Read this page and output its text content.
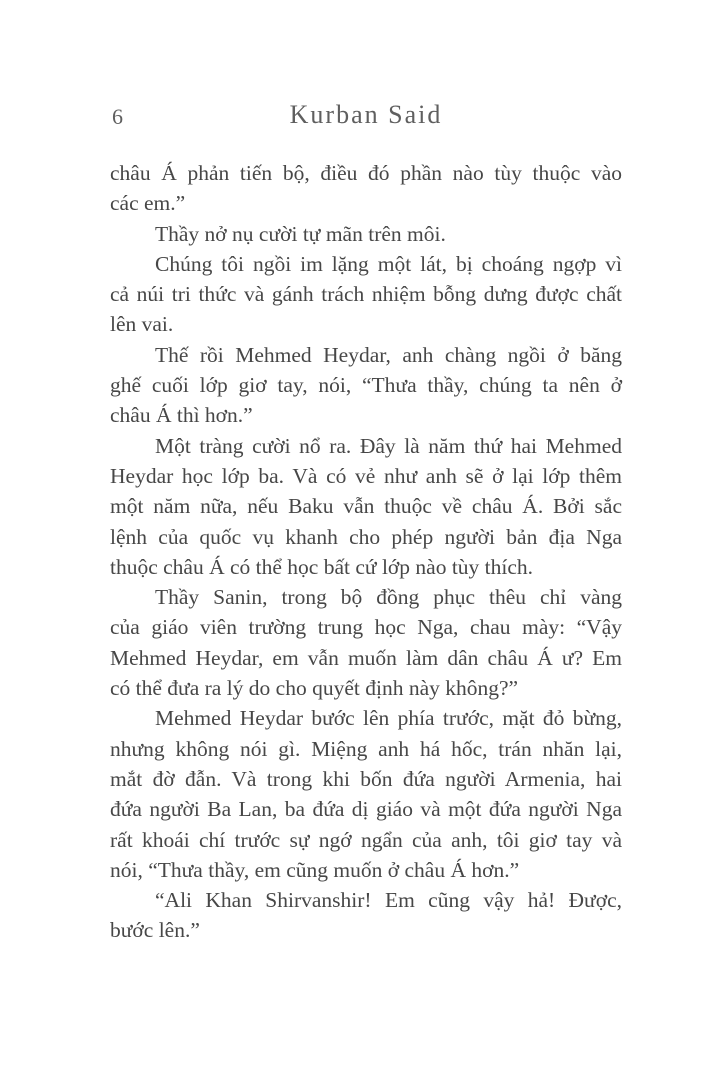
6	Kurban Said
châu Á phản tiến bộ, điều đó phần nào tùy thuộc vào
các em.”
Thầy nở nụ cười tự mãn trên môi.
Chúng tôi ngồi im lặng một lát, bị choáng ngợp vì
cả núi tri thức và gánh trách nhiệm bỗng dưng được chất
lên vai.
Thế rồi Mehmed Heydar, anh chàng ngồi ở băng
ghế cuối lớp giơ tay, nói, “Thưa thầy, chúng ta nên ở
châu Á thì hơn.”
Một tràng cười nổ ra. Đây là năm thứ hai Mehmed
Heydar học lớp ba. Và có vẻ như anh sẽ ở lại lớp thêm
một năm nữa, nếu Baku vẫn thuộc về châu Á. Bởi sắc
lệnh của quốc vụ khanh cho phép người bản địa Nga
thuộc châu Á có thể học bất cứ lớp nào tùy thích.
Thầy Sanin, trong bộ đồng phục thêu chỉ vàng
của giáo viên trường trung học Nga, chau mày: “Vậy
Mehmed Heydar, em vẫn muốn làm dân châu Á ư? Em
có thể đưa ra lý do cho quyết định này không?”
Mehmed Heydar bước lên phía trước, mặt đỏ bừng,
nhưng không nói gì. Miệng anh há hốc, trán nhăn lại,
mắt đờ đẫn. Và trong khi bốn đứa người Armenia, hai
đứa người Ba Lan, ba đứa dị giáo và một đứa người Nga
rất khoái chí trước sự ngớ ngẩn của anh, tôi giơ tay và
nói, “Thưa thầy, em cũng muốn ở châu Á hơn.”
“Ali Khan Shirvanshir! Em cũng vậy hả! Được,
bước lên.”
